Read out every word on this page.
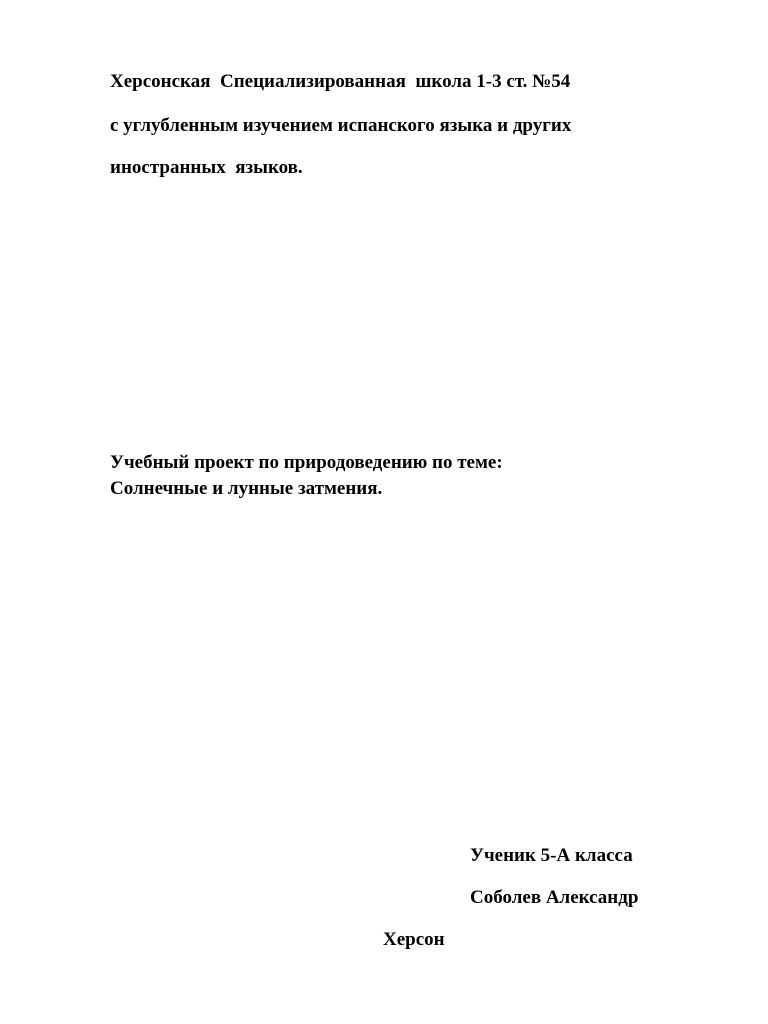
Херсонская  Специализированная  школа 1-3 ст. №54
с углубленным изучением испанского языка и других
иностранных  языков.
Учебный проект по природоведению по теме:
Солнечные и лунные затмения.
Ученик 5-А класса
Соболев Александр
Херсон
